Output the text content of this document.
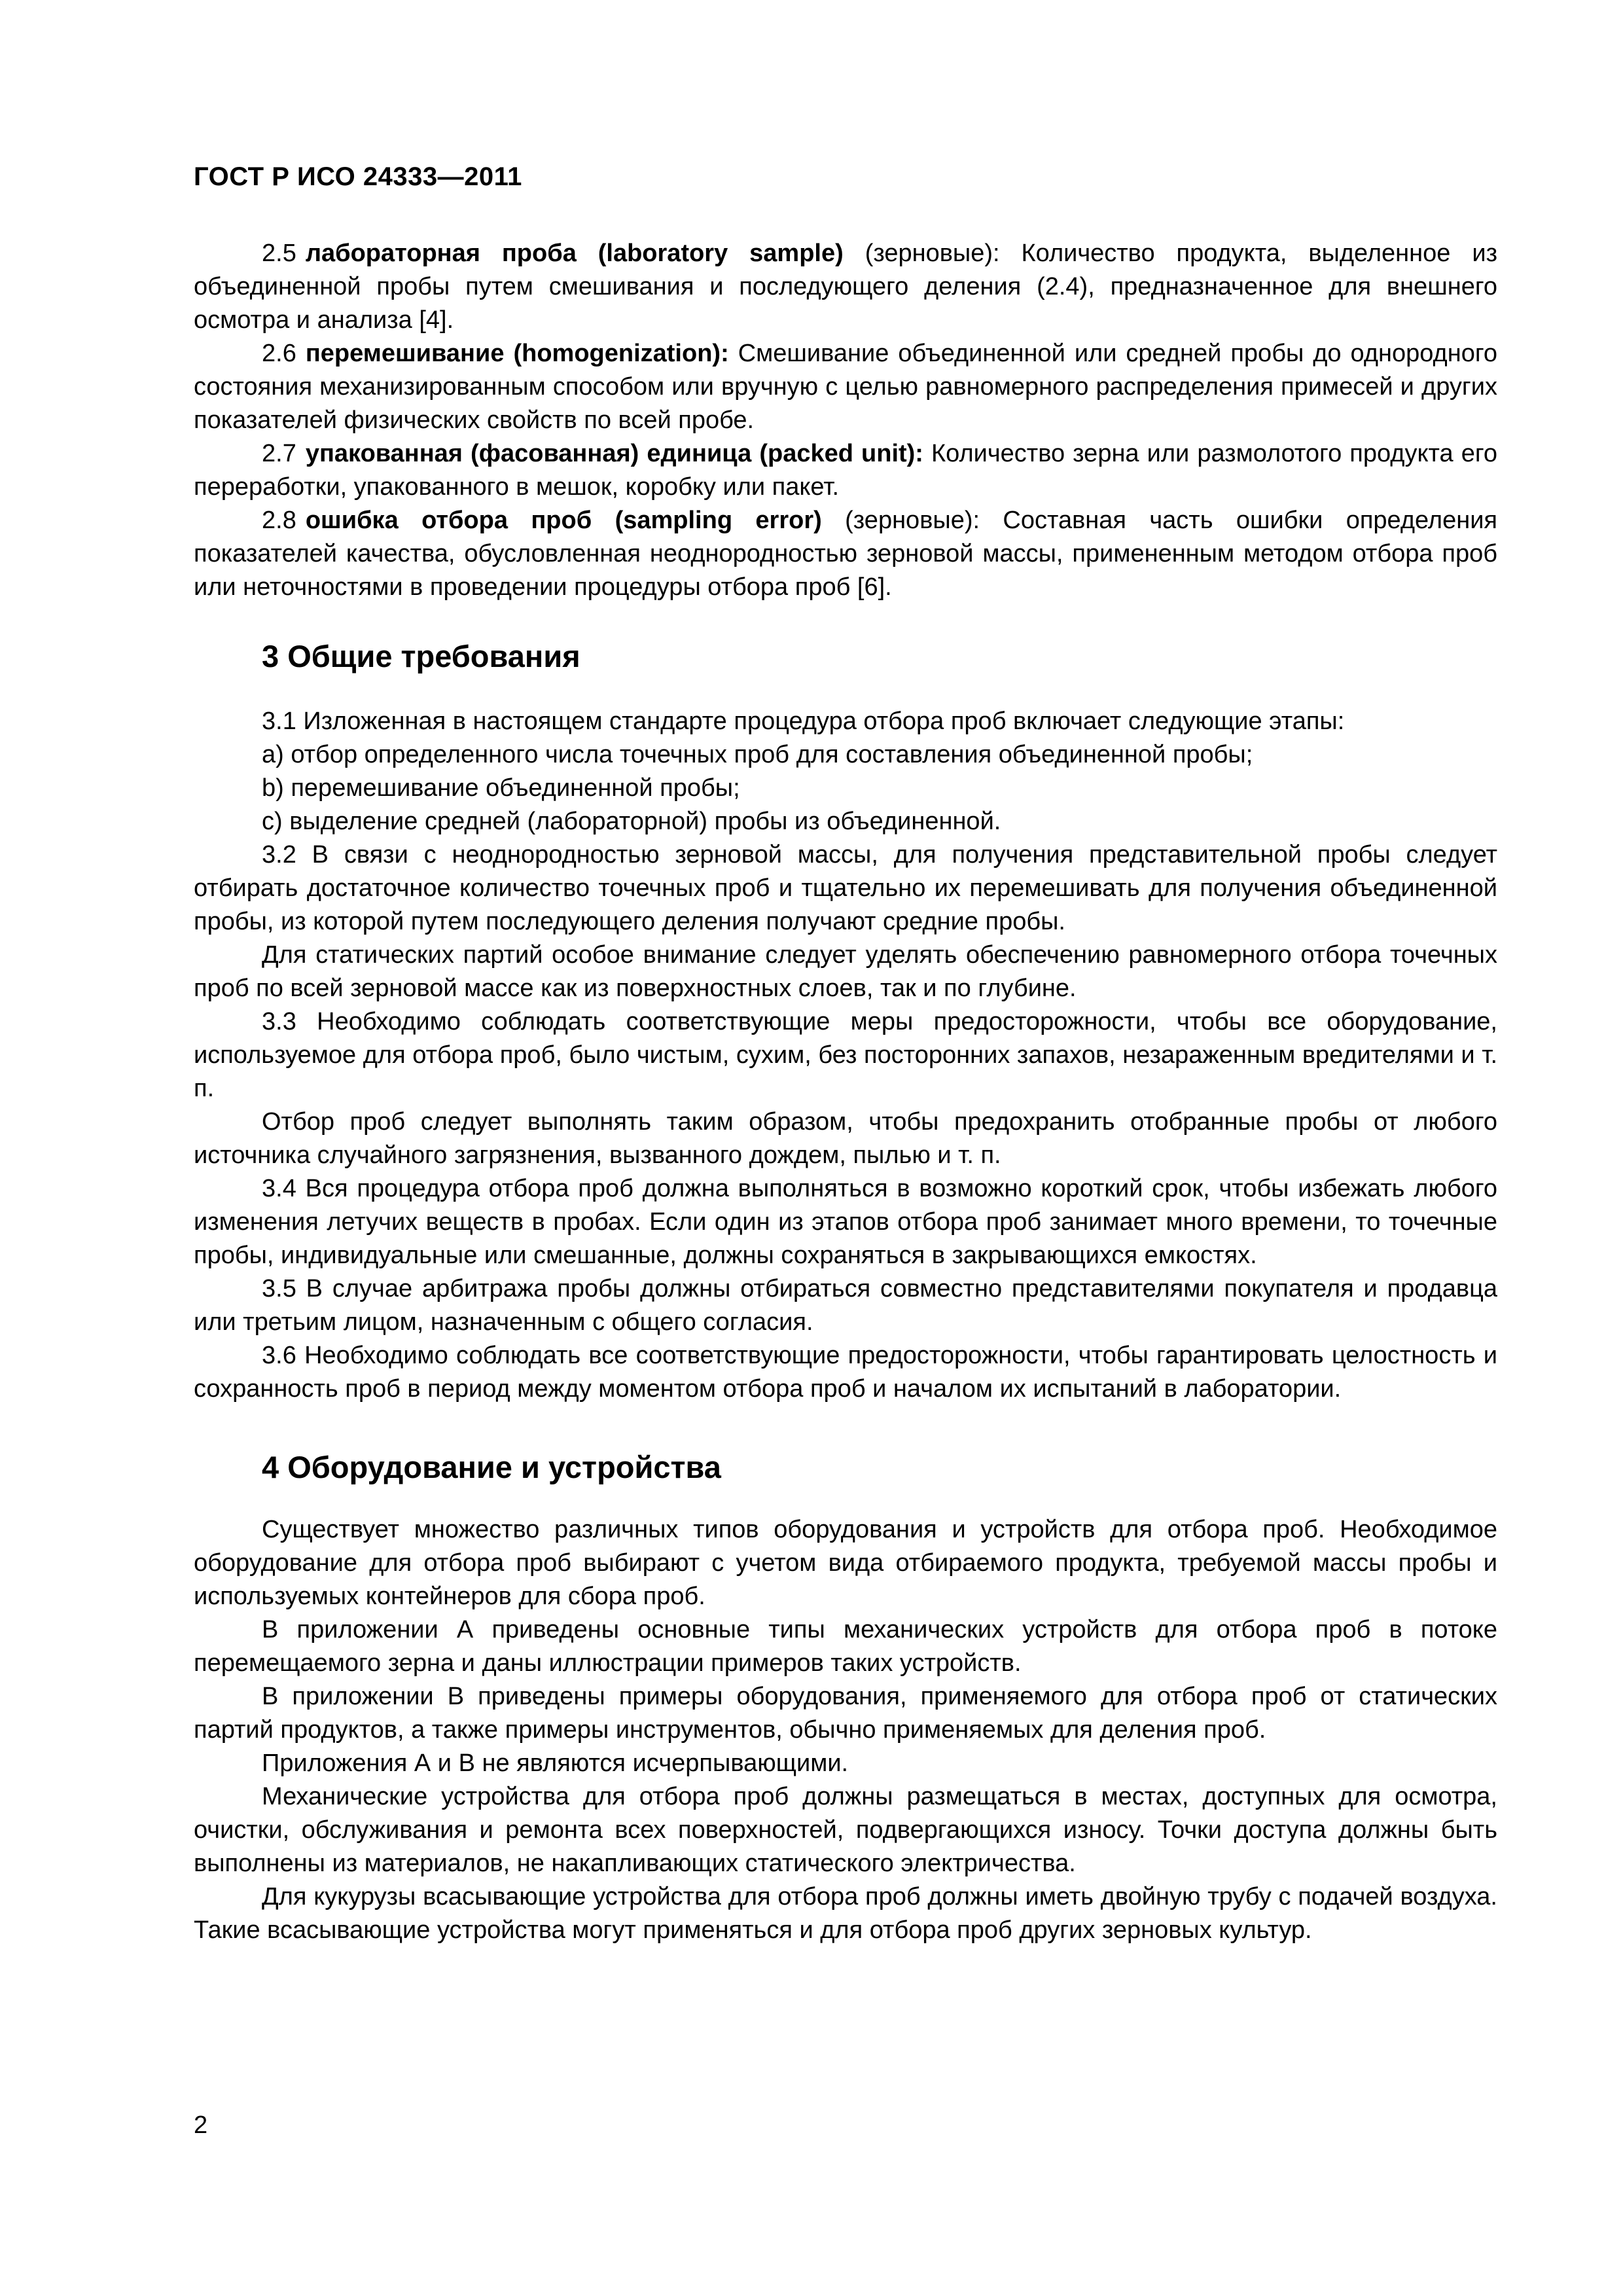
ГОСТ Р ИСО 24333—2011

2.5 лабораторная проба (laboratory sample) (зерновые): Количество продукта, выделенное из объединенной пробы путем смешивания и последующего деления (2.4), предназначенное для внешнего осмотра и анализа [4].

2.6 перемешивание (homogenization): Смешивание объединенной или средней пробы до однородного состояния механизированным способом или вручную с целью равномерного распределения примесей и других показателей физических свойств по всей пробе.

2.7 упакованная (фасованная) единица (packed unit): Количество зерна или размолотого продукта его переработки, упакованного в мешок, коробку или пакет.

2.8 ошибка отбора проб (sampling error) (зерновые): Составная часть ошибки определения показателей качества, обусловленная неоднородностью зерновой массы, примененным методом отбора проб или неточностями в проведении процедуры отбора проб [6].

3 Общие требования

3.1 Изложенная в настоящем стандарте процедура отбора проб включает следующие этапы:

a) отбор определенного числа точечных проб для составления объединенной пробы;

b) перемешивание объединенной пробы;

c) выделение средней (лабораторной) пробы из объединенной.

3.2 В связи с неоднородностью зерновой массы, для получения представительной пробы следует отбирать достаточное количество точечных проб и тщательно их перемешивать для получения объединенной пробы, из которой путем последующего деления получают средние пробы.

Для статических партий особое внимание следует уделять обеспечению равномерного отбора точечных проб по всей зерновой массе как из поверхностных слоев, так и по глубине.

3.3 Необходимо соблюдать соответствующие меры предосторожности, чтобы все оборудование, используемое для отбора проб, было чистым, сухим, без посторонних запахов, незараженным вредителями и т. п.

Отбор проб следует выполнять таким образом, чтобы предохранить отобранные пробы от любого источника случайного загрязнения, вызванного дождем, пылью и т. п.

3.4 Вся процедура отбора проб должна выполняться в возможно короткий срок, чтобы избежать любого изменения летучих веществ в пробах. Если один из этапов отбора проб занимает много времени, то точечные пробы, индивидуальные или смешанные, должны сохраняться в закрывающихся емкостях.

3.5 В случае арбитража пробы должны отбираться совместно представителями покупателя и продавца или третьим лицом, назначенным с общего согласия.

3.6 Необходимо соблюдать все соответствующие предосторожности, чтобы гарантировать целостность и сохранность проб в период между моментом отбора проб и началом их испытаний в лаборатории.

4 Оборудование и устройства

Существует множество различных типов оборудования и устройств для отбора проб. Необходимое оборудование для отбора проб выбирают с учетом вида отбираемого продукта, требуемой массы пробы и используемых контейнеров для сбора проб.

В приложении А приведены основные типы механических устройств для отбора проб в потоке перемещаемого зерна и даны иллюстрации примеров таких устройств.

В приложении В приведены примеры оборудования, применяемого для отбора проб от статических партий продуктов, а также примеры инструментов, обычно применяемых для деления проб.

Приложения А и В не являются исчерпывающими.

Механические устройства для отбора проб должны размещаться в местах, доступных для осмотра, очистки, обслуживания и ремонта всех поверхностей, подвергающихся износу. Точки доступа должны быть выполнены из материалов, не накапливающих статического электричества.

Для кукурузы всасывающие устройства для отбора проб должны иметь двойную трубу с подачей воздуха. Такие всасывающие устройства могут применяться и для отбора проб других зерновых культур.

2
